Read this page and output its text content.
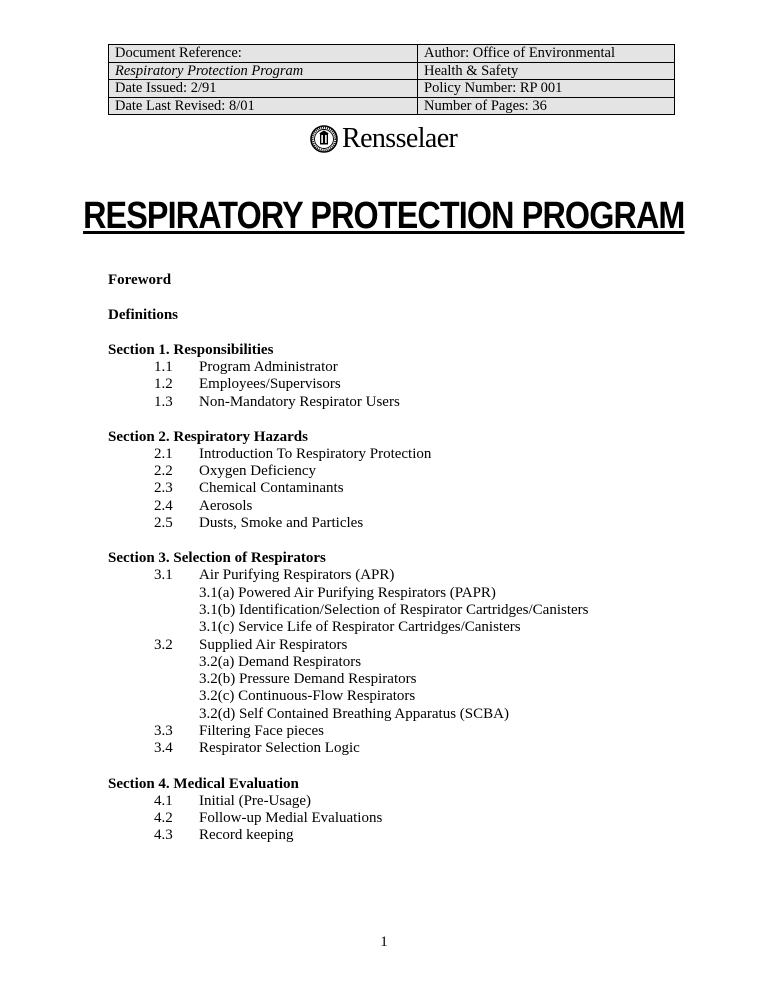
Document Reference:	Author: Office of Environmental
Respiratory Protection Program	Health & Safety
Date Issued: 2/91	Policy Number: RP 001
Date Last Revised: 8/01	Number of Pages: 36
Rensselaer
RESPIRATORY PROTECTION PROGRAM
Foreword
Definitions
Section 1. Responsibilities
1.1 Program Administrator
1.2 Employees/Supervisors
1.3 Non-Mandatory Respirator Users
Section 2. Respiratory Hazards
2.1 Introduction To Respiratory Protection
2.2 Oxygen Deficiency
2.3 Chemical Contaminants
2.4 Aerosols
2.5 Dusts, Smoke and Particles
Section 3. Selection of Respirators
3.1 Air Purifying Respirators (APR)
3.1(a) Powered Air Purifying Respirators (PAPR)
3.1(b) Identification/Selection of Respirator Cartridges/Canisters
3.1(c) Service Life of Respirator Cartridges/Canisters
3.2 Supplied Air Respirators
3.2(a) Demand Respirators
3.2(b) Pressure Demand Respirators
3.2(c) Continuous-Flow Respirators
3.2(d) Self Contained Breathing Apparatus (SCBA)
3.3 Filtering Face pieces
3.4 Respirator Selection Logic
Section 4. Medical Evaluation
4.1 Initial (Pre-Usage)
4.2 Follow-up Medial Evaluations
4.3 Record keeping
1
